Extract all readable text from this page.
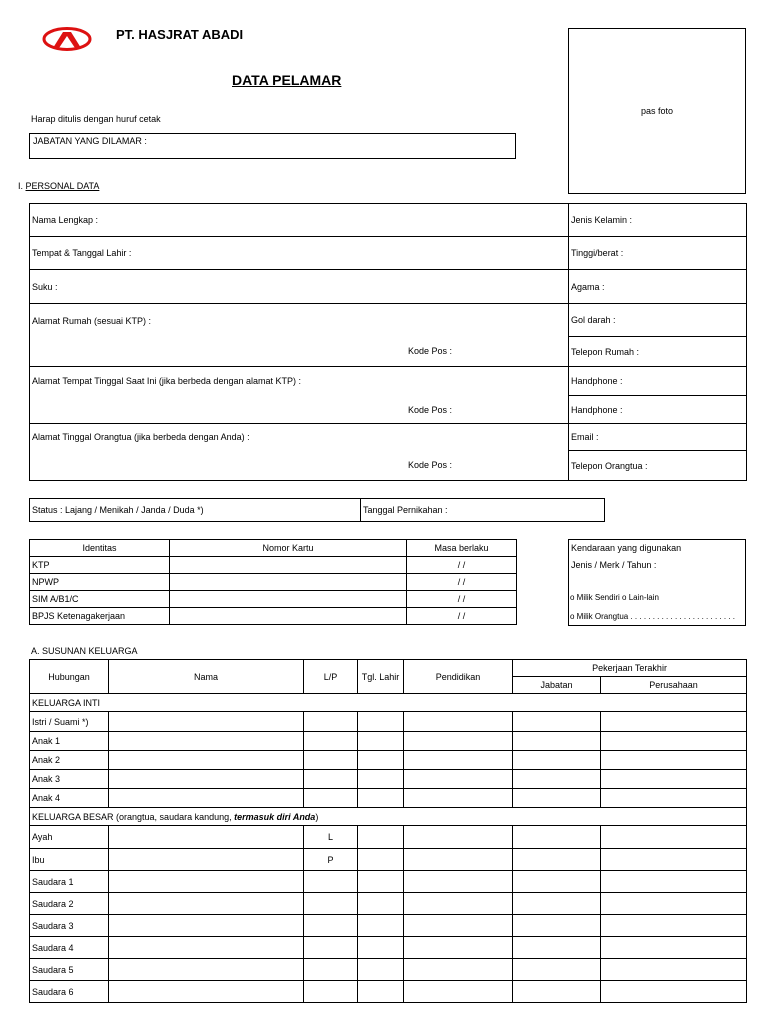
PT. HASJRAT ABADI
DATA PELAMAR
pas foto
Harap ditulis dengan huruf cetak
JABATAN YANG DILAMAR :
I. PERSONAL DATA
Nama Lengkap :	Jenis Kelamin :
Tempat & Tanggal Lahir :	Tinggi/berat :
Suku :	Agama :

Alamat Rumah (sesuai KTP) :
Kode Pos :	Gol darah :
	Telepon Rumah :

Alamat Tempat Tinggal Saat Ini (jika berbeda dengan alamat KTP) :
Kode Pos :	Handphone :
	Handphone :

Alamat Tinggal Orangtua (jika berbeda dengan Anda) :
Kode Pos :	Email :
	Telepon Orangtua :
Status : Lajang / Menikah / Janda / Duda *)	Tanggal Pernikahan :
Identitas	Nomor Kartu	Masa berlaku
KTP		/ /
NPWP		/ /
SIM A/B1/C		/ /
BPJS Ketenagakerjaan		/ /
Kendaraan yang digunakan
Jenis / Merk / Tahun :
o Milik Sendiri o Lain-lain
o Milik Orangtua . . . . . . . . . . . . . . . . . . . . . . . .
A. SUSUNAN KELUARGA
Hubungan	Nama	L/P	Tgl. Lahir	Pendidikan	Pekerjaan Terakhir	
					Jabatan	Perusahaan
KELUARGA INTI						
Istri / Suami *)						
Anak 1						
Anak 2						
Anak 3						
Anak 4						
KELUARGA BESAR (orangtua, saudara kandung, termasuk diri Anda)						
Ayah		L				
Ibu		P				
Saudara 1						
Saudara 2						
Saudara 3						
Saudara 4						
Saudara 5						
Saudara 6						
